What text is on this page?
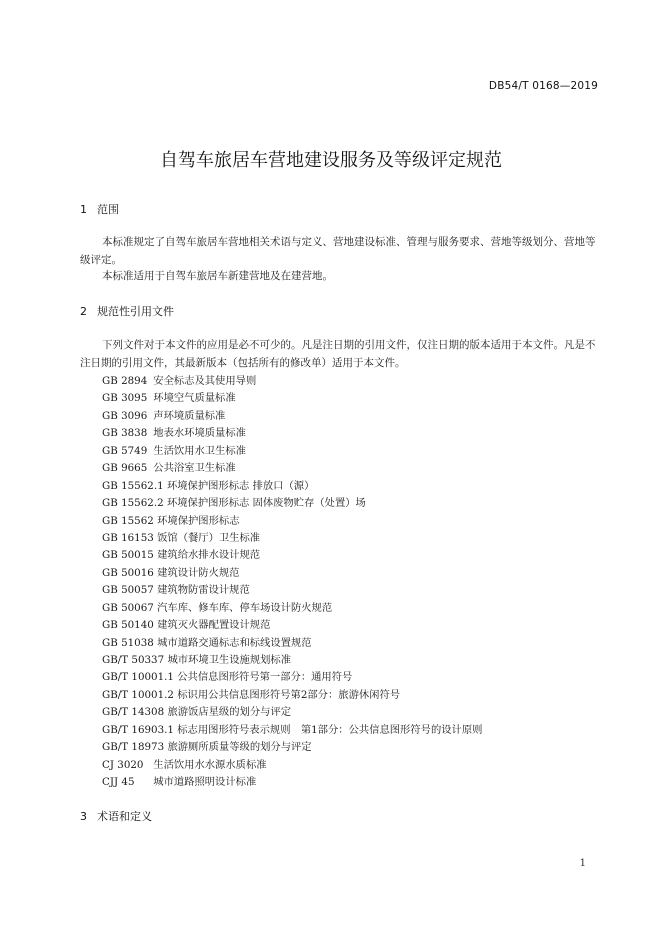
DB54/T 0168—2019
自驾车旅居车营地建设服务及等级评定规范
1 范围
本标准规定了自驾车旅居车营地相关术语与定义、营地建设标准、管理与服务要求、营地等级划分、营地等级评定。
本标准适用于自驾车旅居车新建营地及在建营地。
2 规范性引用文件
下列文件对于本文件的应用是必不可少的。凡是注日期的引用文件，仅注日期的版本适用于本文件。凡是不注日期的引用文件，其最新版本（包括所有的修改单）适用于本文件。
GB 2894 安全标志及其使用导则
GB 3095 环境空气质量标准
GB 3096 声环境质量标准
GB 3838 地表水环境质量标准
GB 5749 生活饮用水卫生标准
GB 9665 公共浴室卫生标准
GB 15562.1 环境保护图形标志 排放口（源）
GB 15562.2 环境保护图形标志 固体废物贮存（处置）场
GB 15562 环境保护图形标志
GB 16153 饭馆（餐厅）卫生标准
GB 50015 建筑给水排水设计规范
GB 50016 建筑设计防火规范
GB 50057 建筑物防雷设计规范
GB 50067 汽车库、修车库、停车场设计防火规范
GB 50140 建筑灭火器配置设计规范
GB 51038 城市道路交通标志和标线设置规范
GB/T 50337 城市环境卫生设施规划标准
GB/T 10001.1 公共信息图形符号第一部分：通用符号
GB/T 10001.2 标识用公共信息图形符号第2部分：旅游休闲符号
GB/T 14308 旅游饭店星级的划分与评定
GB/T 16903.1 标志用图形符号表示规则　第1部分：公共信息图形符号的设计原则
GB/T 18973 旅游厕所质量等级的划分与评定
CJ 3020 生活饮用水水源水质标准
CJJ 45 城市道路照明设计标准
3 术语和定义
1
